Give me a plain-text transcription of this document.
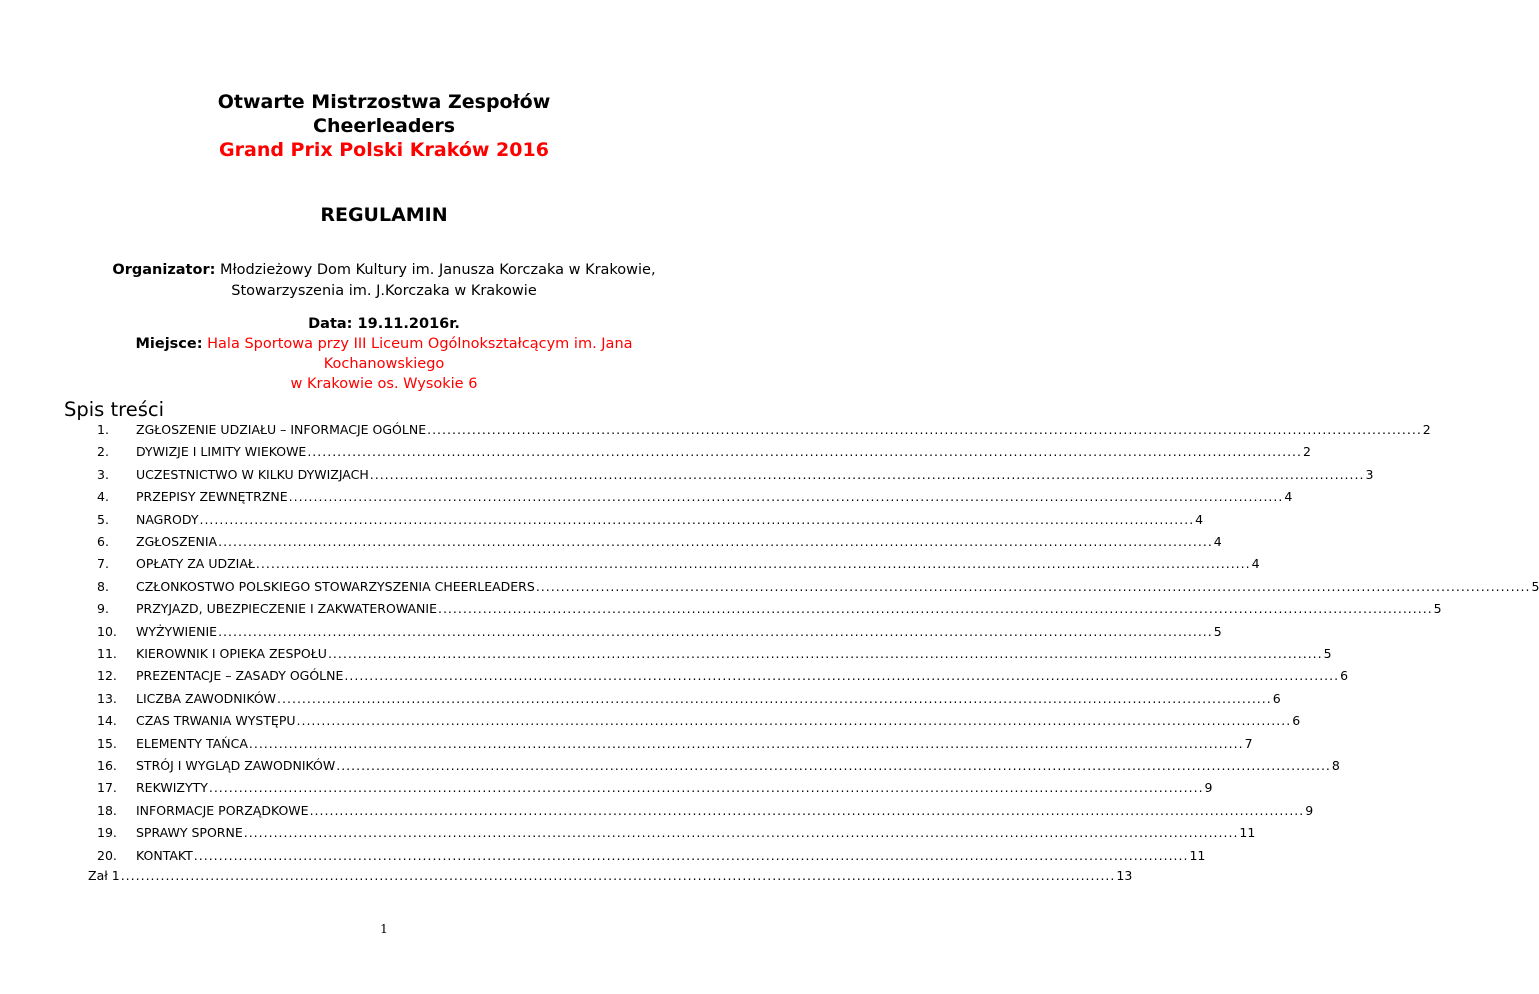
Otwarte Mistrzostwa Zespołów
Cheerleaders
Grand Prix Polski Kraków 2016
REGULAMIN
Organizator: Młodzieżowy Dom Kultury im. Janusza Korczaka w Krakowie,
Stowarzyszenia im. J.Korczaka w Krakowie
Data: 19.11.2016r.
Miejsce: Hala Sportowa przy III Liceum Ogólnokształcącym im. Jana
Kochanowskiego
w Krakowie os. Wysokie 6
Spis treści
1. ZGŁOSZENIE UDZIAŁU – INFORMACJE OGÓLNE ........................................................................................................................................................................................................ 2
2. DYWIZJE I LIMITY WIEKOWE ........................................................................................................................................................................................................ 2
3. UCZESTNICTWO W KILKU DYWIZJACH ........................................................................................................................................................................................................ 3
4. PRZEPISY ZEWNĘTRZNE ........................................................................................................................................................................................................ 4
5. NAGRODY ........................................................................................................................................................................................................ 4
6. ZGŁOSZENIA ........................................................................................................................................................................................................ 4
7. OPŁATY ZA UDZIAŁ ........................................................................................................................................................................................................ 4
8. CZŁONKOSTWO POLSKIEGO STOWARZYSZENIA CHEERLEADERS ........................................................................................................................................................................................................ 5
9. PRZYJAZD, UBEZPIECZENIE I ZAKWATEROWANIE ........................................................................................................................................................................................................ 5
10. WYŻYWIENIE ........................................................................................................................................................................................................ 5
11. KIEROWNIK I OPIEKA ZESPOŁU ........................................................................................................................................................................................................ 5
12. PREZENTACJE – ZASADY OGÓLNE ........................................................................................................................................................................................................ 6
13. LICZBA ZAWODNIKÓW ........................................................................................................................................................................................................ 6
14. CZAS TRWANIA WYSTĘPU ........................................................................................................................................................................................................ 6
15. ELEMENTY TAŃCA ........................................................................................................................................................................................................ 7
16. STRÓJ I WYGLĄD ZAWODNIKÓW ........................................................................................................................................................................................................ 8
17. REKWIZYTY ........................................................................................................................................................................................................ 9
18. INFORMACJE PORZĄDKOWE ........................................................................................................................................................................................................ 9
19. SPRAWY SPORNE ........................................................................................................................................................................................................ 11
20. KONTAKT ........................................................................................................................................................................................................ 11
Zał 1 ........................................................................................................................................................................................................ 13
1
